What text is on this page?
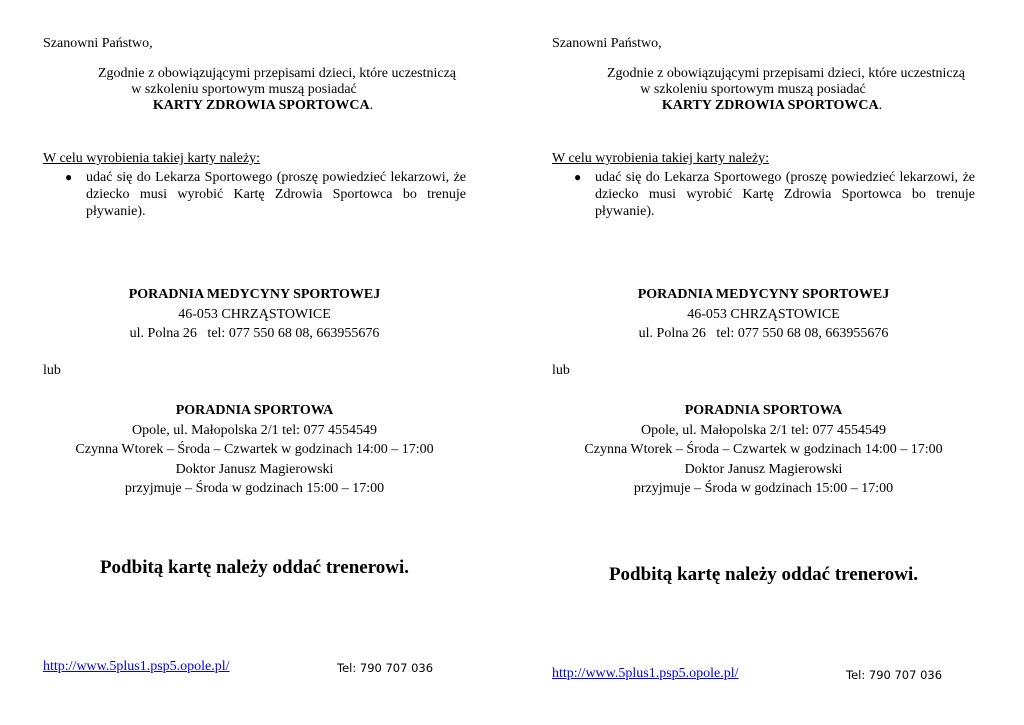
Szanowni Państwo,

Zgodnie z obowiązującymi przepisami dzieci, które uczestniczą
w szkoleniu sportowym muszą posiadać
KARTY ZDROWIA SPORTOWCA.

W celu wyrobienia takiej karty należy:

● udać się do Lekarza Sportowego (proszę powiedzieć lekarzowi, że dziecko musi wyrobić Kartę Zdrowia Sportowca bo trenuje pływanie).
PORADNIA MEDYCYNY SPORTOWEJ
46-053 CHRZĄSTOWICE
ul. Polna 26   tel: 077 550 68 08, 663955676

lub

PORADNIA SPORTOWA
Opole, ul. Małopolska 2/1 tel: 077 4554549
Czynna Wtorek – Środa – Czwartek w godzinach 14:00 – 17:00
Doktor Janusz Magierowski
przyjmuje – Środa w godzinach 15:00 – 17:00

Podbitą kartę należy oddać trenerowi.

http://www.5plus1.psp5.opole.pl/	Tel: 790 707 036

Szanowni Państwo,

Zgodnie z obowiązującymi przepisami dzieci, które uczestniczą
w szkoleniu sportowym muszą posiadać
KARTY ZDROWIA SPORTOWCA.

W celu wyrobienia takiej karty należy:

● udać się do Lekarza Sportowego (proszę powiedzieć lekarzowi, że dziecko musi wyrobić Kartę Zdrowia Sportowca bo trenuje pływanie).
PORADNIA MEDYCYNY SPORTOWEJ
46-053 CHRZĄSTOWICE
ul. Polna 26   tel: 077 550 68 08, 663955676

lub

PORADNIA SPORTOWA
Opole, ul. Małopolska 2/1 tel: 077 4554549
Czynna Wtorek – Środa – Czwartek w godzinach 14:00 – 17:00
Doktor Janusz Magierowski
przyjmuje – Środa w godzinach 15:00 – 17:00

Podbitą kartę należy oddać trenerowi.

http://www.5plus1.psp5.opole.pl/	Tel: 790 707 036
